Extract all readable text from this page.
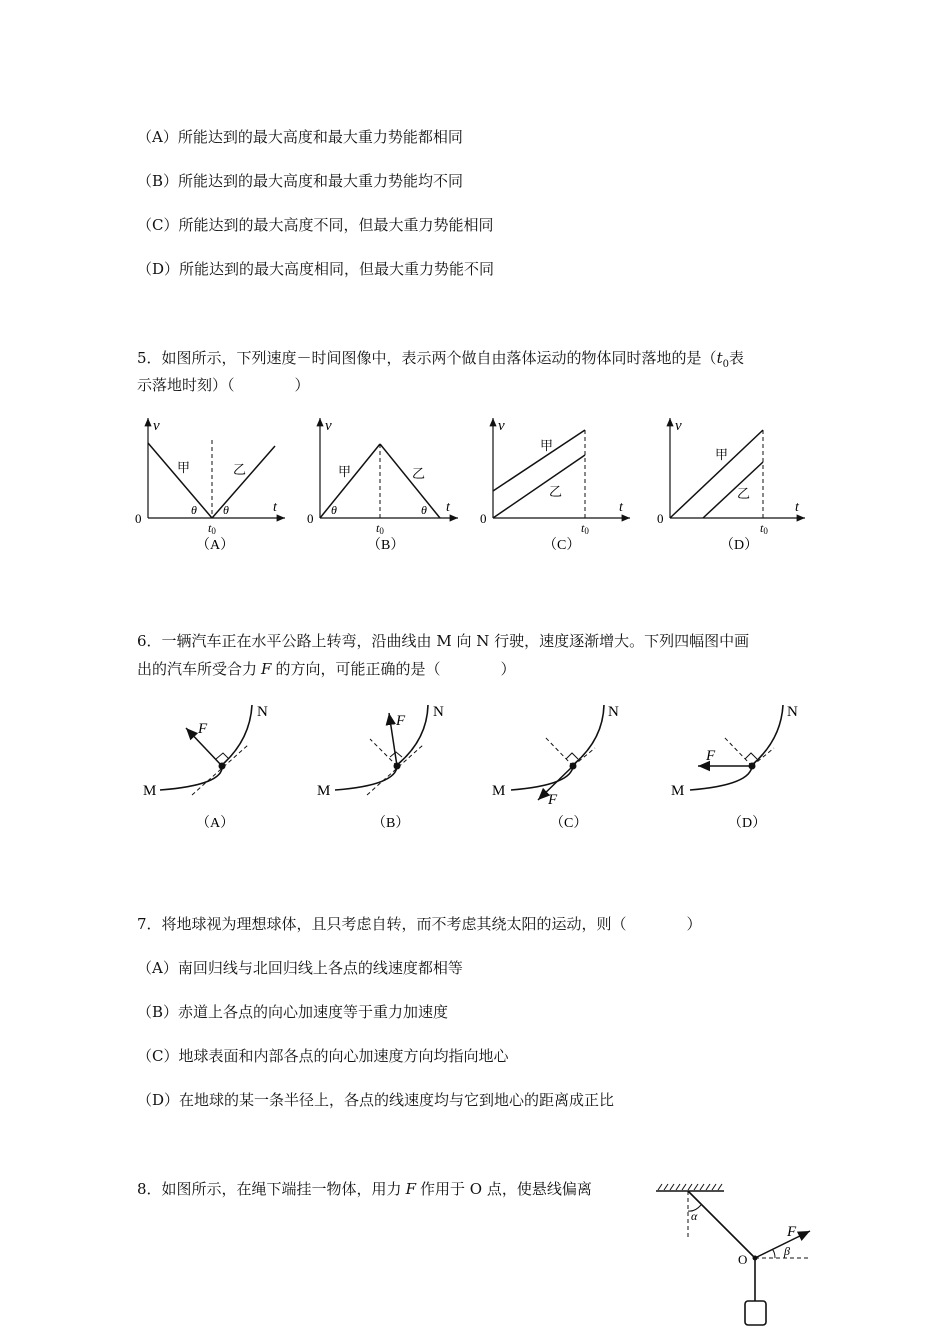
（A）所能达到的最大高度和最大重力势能都相同
（B）所能达到的最大高度和最大重力势能均不同
（C）所能达到的最大高度不同，但最大重力势能相同
（D）所能达到的最大高度相同，但最大重力势能不同
5．如图所示，下列速度－时间图像中，表示两个做自由落体运动的物体同时落地的是（$t_0$表
示落地时刻）（　　　　）
v
t
0
甲	乙
θ θ
t0
（A）
v
t
0
甲	乙
θ	θ
t0
（B）
v
t
0
甲
乙
t0
（C）
v
t
0
甲
乙
t0
（D）
6．一辆汽车正在水平公路上转弯，沿曲线由 M 向 N 行驶，速度逐渐增大。下列四幅图中画
出的汽车所受合力 F 的方向，可能正确的是（　　　　）
F
M
N
（A）
F
M
N
（B）
F
M
N
（C）
F
M
N
（D）
7．将地球视为理想球体，且只考虑自转，而不考虑其绕太阳的运动，则（　　　　）
（A）南回归线与北回归线上各点的线速度都相等
（B）赤道上各点的向心加速度等于重力加速度
（C）地球表面和内部各点的向心加速度方向均指向地心
（D）在地球的某一条半径上，各点的线速度均与它到地心的距离成正比
8．如图所示，在绳下端挂一物体，用力 F 作用于 O 点，使悬线偏离
α
O
F
β
